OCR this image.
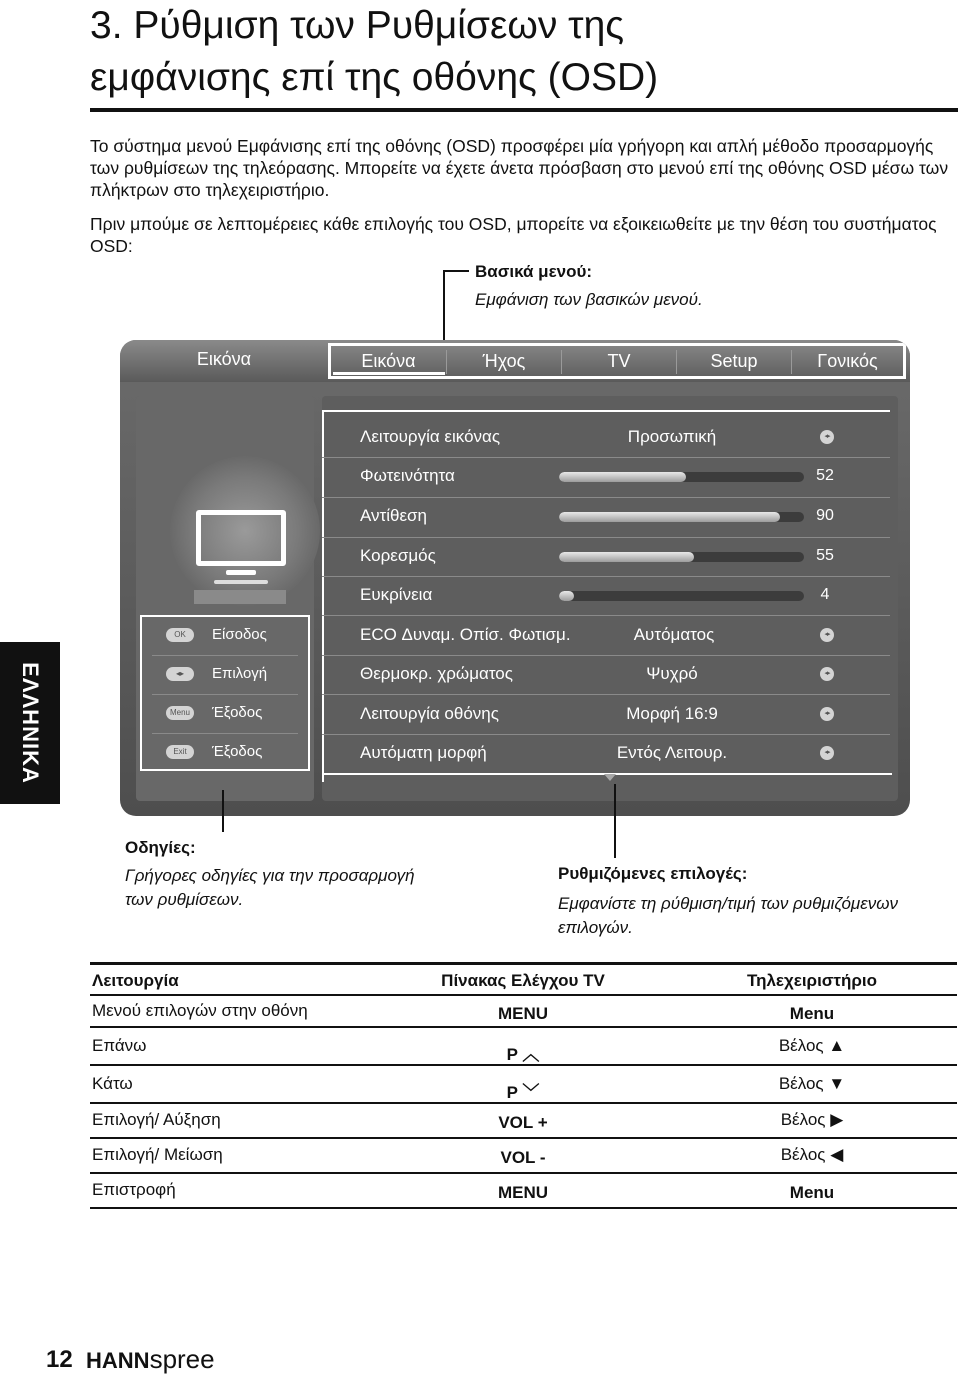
3. Ρύθμιση των Ρυθμίσεων της
εμφάνισης επί της οθόνης (OSD)
Το σύστημα μενού Εμφάνισης επί της οθόνης (OSD) προσφέρει μία γρήγορη και απλή μέθοδο προσαρμογής των ρυθμίσεων της τηλεόρασης. Μπορείτε να έχετε άνετα πρόσβαση στο μενού επί της οθόνης OSD μέσω των πλήκτρων στο τηλεχειριστήριο.
Πριν μπούμε σε λεπτομέρειες κάθε επιλογής του OSD, μπορείτε να εξοικειωθείτε με την θέση του συστήματος OSD:
Βασικά μενού:
Εμφάνιση των βασικών μενού.
Εικόνα	Εικόνα	Ήχος	TV	Setup	Γονικός
OK	Είσοδος
◂▸	Επιλογή
Menu Έξοδος
Exit	Έξοδος
Λειτουργία εικόνας	Προσωπική	◂▸
Φωτεινότητα	52
Αντίθεση	90
Κορεσμός	55
Ευκρίνεια	4
ECO Δυναμ. Οπίσ. Φωτισμ.	Αυτόματος	◂▸
Θερμοκρ. χρώματος	Ψυχρό	◂▸
Λειτουργία οθόνης	Μορφή 16:9	◂▸
Αυτόματη μορφή	Εντός Λειτουρ.	◂▸
Οδηγίες:
Γρήγορες οδηγίες για την προσαρμογή
των ρυθμίσεων.
Ρυθμιζόμενες επιλογές:
Εμφανίστε τη ρύθμιση/τιμή των ρυθμιζόμενων
επιλογών.
ΕΛΛΗΝΙΚΑ
Λειτουργία	Πίνακας Ελέγχου TV	Τηλεχειριστήριο
Μενού επιλογών στην οθόνη	MENU	Menu
Επάνω	P ︿	Βέλος ▲
Κάτω	P ﹀	Βέλος ▼
Επιλογή/ Αύξηση	VOL +	Βέλος ▶
Επιλογή/ Μείωση	VOL -	Βέλος ◀
Επιστροφή	MENU	Menu
12 HANNspree
